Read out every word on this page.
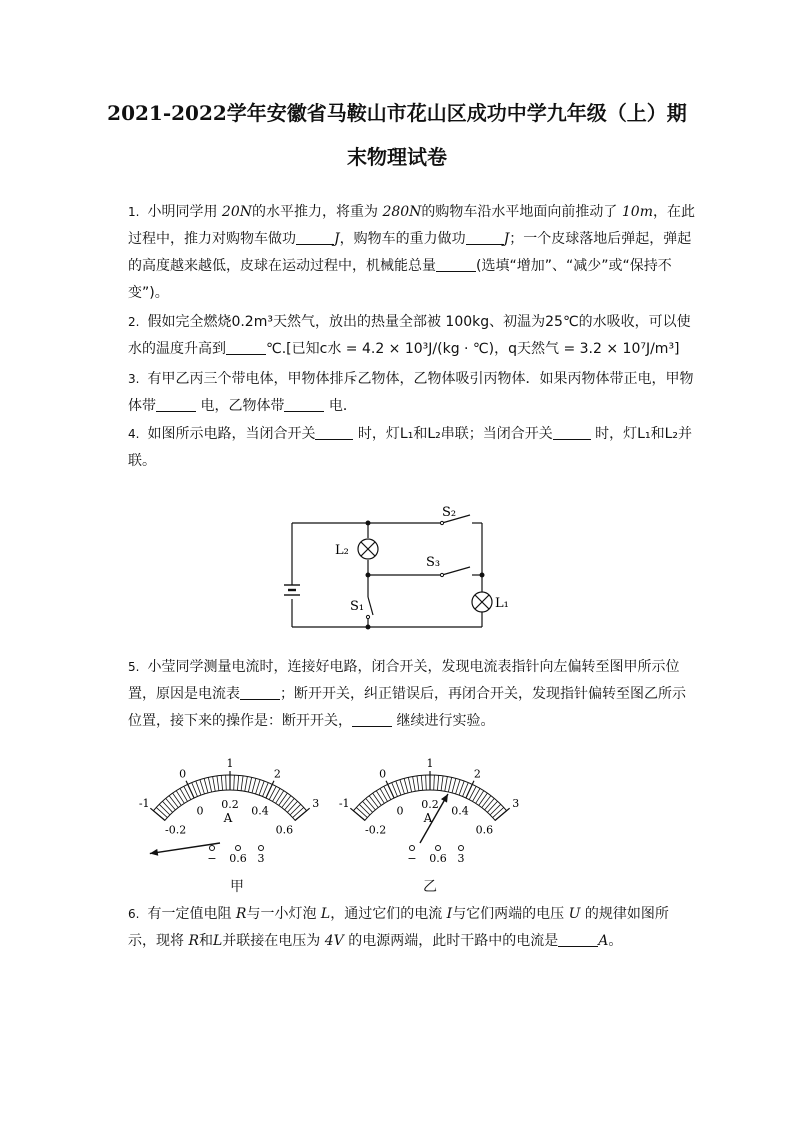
2021-2022学年安徽省马鞍山市花山区成功中学九年级（上）期
末物理试卷
1. 小明同学用 20N的水平推力，将重为 280N的购物车沿水平地面向前推动了 10m，在此过程中，推力对购物车做功	J，购物车的重力做功	J；一个皮球落地后弹起，弹起的高度越来越低，皮球在运动过程中，机械能总量	(选填“增加”、“减少”或“保持不变”)。
2. 假如完全燃烧0.2m³天然气，放出的热量全部被 100kg、初温为25℃的水吸收，可以使水的温度升高到	℃.[已知c水 = 4.2 × 10³J/(kg · ℃)，q天然气 = 3.2 × 10⁷J/m³]
3. 有甲乙丙三个带电体，甲物体排斥乙物体，乙物体吸引丙物体．如果丙物体带正电，甲物体带	电，乙物体带	电．
4. 如图所示电路，当闭合开关	时，灯L₁和L₂串联；当闭合开关	时，灯L₁和L₂并联。
S₂
S₃
S₁
L₂
L₁
5. 小莹同学测量电流时，连接好电路，闭合开关，发现电流表指针向左偏转至图甲所示位置，原因是电流表	；断开开关，纠正错误后，再闭合开关，发现指针偏转至图乙所示位置，接下来的操作是：断开开关，	继续进行实验。
-1
0
1
2
3
-0.2
0
0.2
0.4
0.6
A
− 0.6 3
-1
0
1
2
3
-0.2
0
0.2
0.4
0.6
A
− 0.6 3
甲	乙
6. 有一定值电阻 R与一小灯泡 L，通过它们的电流 I与它们两端的电压 U 的规律如图所示，现将 R和L并联接在电压为 4V 的电源两端，此时干路中的电流是	A。
